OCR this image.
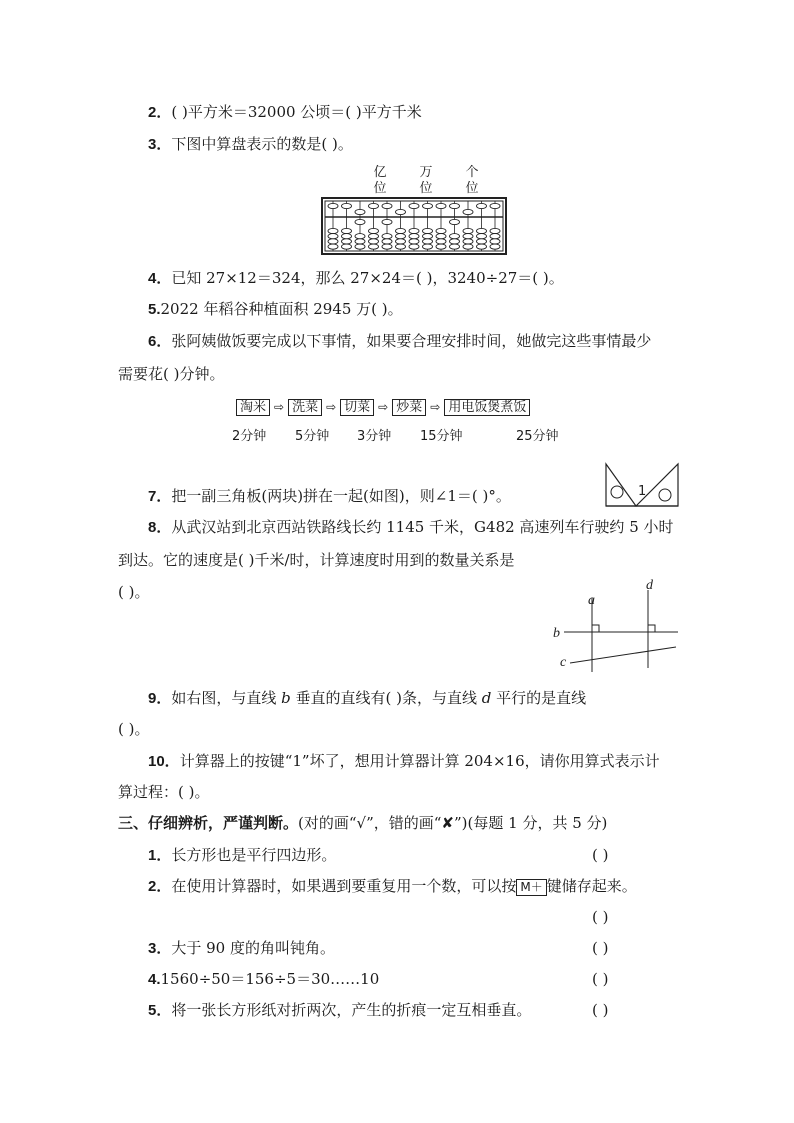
2．( )平方米＝32000 公顷＝( )平方千米
3．下图中算盘表示的数是( )。
亿
位
万
位
个
位
4．已知 27×12＝324，那么 27×24＝( )，3240÷27＝( )。
5.2022 年稻谷种植面积 2945 万( )。
6．张阿姨做饭要完成以下事情，如果要合理安排时间，她做完这些事情最少
需要花( )分钟。
淘米 ⇨ 洗菜 ⇨ 切菜 ⇨ 炒菜 ⇨ 用电饭煲煮饭
2分钟 5分钟 3分钟 15分钟	25分钟
7．把一副三角板(两块)拼在一起(如图)，则∠1＝( )°。	1
8．从武汉站到北京西站铁路线长约 1145 千米，G482 高速列车行驶约 5 小时
到达。它的速度是( )千米/时，计算速度时用到的数量关系是
( )。	a
d
b
c
9．如右图，与直线 b 垂直的直线有( )条，与直线 d 平行的是直线
( )。
10．计算器上的按键“1”坏了，想用计算器计算 204×16，请你用算式表示计
算过程：( )。
三、仔细辨析，严谨判断。(对的画“√”，错的画“✘”)(每题 1 分，共 5 分)
1．长方形也是平行四边形。	( )
2．在使用计算器时，如果遇到要重复用一个数，可以按 M＋ 键储存起来。
( )
3．大于 90 度的角叫钝角。	( )
4.1560÷50＝156÷5＝30……10	( )
5．将一张长方形纸对折两次，产生的折痕一定互相垂直。	( )
